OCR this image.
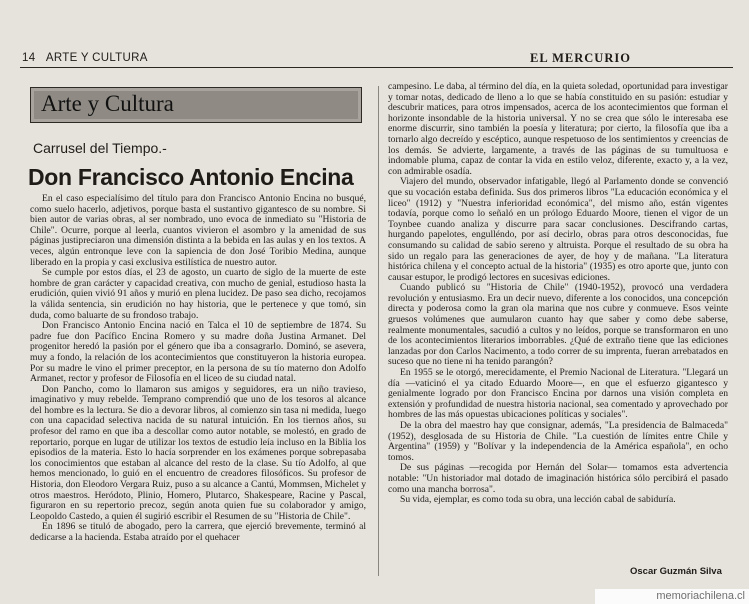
14 ARTE Y CULTURA	EL MERCURIO
Arte y Cultura
Carrusel del Tiempo.-
Don Francisco Antonio Encina

En el caso especialísimo del título para don Francisco Antonio Encina no busqué, como suelo hacerlo, adjetivos, porque basta el sustantivo gigantesco de su nombre. Si bien autor de varias obras, al ser nombrado, uno evoca de inmediato su "Historia de Chile". Ocurre, porque al leerla, cuantos vivieron el asombro y la amenidad de sus páginas justipreciaron una dimensión distinta a la bebida en las aulas y en los textos. A veces, algún entronque leve con la sapiencia de don José Toribio Medina, aunque liberado en la propia y casi exclusiva estilística de nuestro autor.

Se cumple por estos días, el 23 de agosto, un cuarto de siglo de la muerte de este hombre de gran carácter y capacidad creativa, con mucho de genial, estudioso hasta la erudición, quien vivió 91 años y murió en plena lucidez. De paso sea dicho, recojamos la válida sentencia, sin erudición no hay historia, que le pertenece y que tomó, sin duda, como baluarte de su frondoso trabajo.

Don Francisco Antonio Encina nació en Talca el 10 de septiembre de 1874. Su padre fue don Pacífico Encina Romero y su madre doña Justina Armanet. Del progenitor heredó la pasión por el género que iba a consagrarlo. Dominó, se asevera, muy a fondo, la relación de los acontecimientos que constituyeron la historia europea. Por su madre le vino el primer preceptor, en la persona de su tío materno don Adolfo Armanet, rector y profesor de Filosofía en el liceo de su ciudad natal.

Don Pancho, como lo llamaron sus amigos y seguidores, era un niño travieso, imaginativo y muy rebelde. Temprano comprendió que uno de los tesoros al alcance del hombre es la lectura. Se dio a devorar libros, al comienzo sin tasa ni medida, luego con una capacidad selectiva nacida de su natural intuición. En los tiernos años, su profesor del ramo en que iba a descollar como autor notable, se molestó, en grado de reportario, porque en lugar de utilizar los textos de estudio leía incluso en la Biblia los episodios de la materia. Esto lo hacía sorprender en los exámenes porque sobrepasaba los conocimientos que estaban al alcance del resto de la clase. Su tío Adolfo, al que hemos mencionado, lo guió en el encuentro de creadores filosóficos. Su profesor de Historia, don Eleodoro Vergara Ruiz, puso a su alcance a Cantú, Mommsen, Michelet y otros maestros. Heródoto, Plinio, Homero, Plutarco, Shakespeare, Racine y Pascal, figuraron en su repertorio precoz, según anota quien fue su colaborador y amigo, Leopoldo Castedo, a quien él sugirió escribir el Resumen de su "Historia de Chile".

En 1896 se tituló de abogado, pero la carrera, que ejerció brevemente, terminó al dedicarse a la hacienda. Estaba atraído por el quehacer

campesino. Le daba, al término del día, en la quieta soledad, oportunidad para investigar y tomar notas, dedicado de lleno a lo que se había constituido en su pasión: estudiar y descubrir matices, para otros impensados, acerca de los acontecimientos que forman el horizonte insondable de la historia universal. Y no se crea que sólo le interesaba ese enorme discurrir, sino también la poesía y literatura; por cierto, la filosofía que iba a tornarlo algo decreído y escéptico, aunque respetuoso de los sentimientos y creencias de los demás. Se advierte, largamente, a través de las páginas de su tumultuosa e indomable pluma, capaz de contar la vida en estilo veloz, diferente, exacto y, a la vez, con admirable osadía.

Viajero del mundo, observador infatigable, llegó al Parlamento donde se convenció que su vocación estaba definida. Sus dos primeros libros "La educación económica y el liceo" (1912) y "Nuestra inferioridad económica", del mismo año, están vigentes todavía, porque como lo señaló en un prólogo Eduardo Moore, tienen el vigor de un Toynbee cuando analiza y discurre para sacar conclusiones. Descifrando cartas, hurgando papelotes, engulléndo, por así decirlo, obras para otros desconocidas, fue consumando su calidad de sabio sereno y altruista. Porque el resultado de su obra ha sido un regalo para las generaciones de ayer, de hoy y de mañana. "La literatura histórica chilena y el concepto actual de la historia" (1935) es otro aporte que, junto con causar estupor, le prodigó lectores en sucesivas ediciones.

Cuando publicó su "Historia de Chile" (1940-1952), provocó una verdadera revolución y entusiasmo. Era un decir nuevo, diferente a los conocidos, una concepción directa y poderosa como la gran ola marina que nos cubre y conmueve. Esos veinte gruesos volúmenes que aumularon cuanto hay que saber y como debe saberse, realmente monumentales, sacudió a cultos y no leídos, porque se transformaron en uno de los acontecimientos literarios imborrables. ¿Qué de extraño tiene que las ediciones lanzadas por don Carlos Nacimento, a todo correr de su imprenta, fueran arrebatados en suceso que no tiene ni ha tenido parangón?

En 1955 se le otorgó, merecidamente, el Premio Nacional de Literatura. "Llegará un día —vaticinó el ya citado Eduardo Moore—, en que el esfuerzo gigantesco y genialmente logrado por don Francisco Encina por darnos una visión completa en extensión y profundidad de nuestra historia nacional, sea comentado y aprovechado por hombres de las más opuestas ubicaciones políticas y sociales".

De la obra del maestro hay que consignar, además, "La presidencia de Balmaceda" (1952), desglosada de su Historia de Chile. "La cuestión de límites entre Chile y Argentina" (1959) y "Bolívar y la independencia de la América española", en ocho tomos.

De sus páginas —recogida por Hernán del Solar— tomamos esta advertencia notable: "Un historiador mal dotado de imaginación histórica sólo percibirá el pasado como una mancha borrosa".

Su vida, ejemplar, es como toda su obra, una lección cabal de sabiduría.

Oscar Guzmán Silva
memoriachilena.cl
